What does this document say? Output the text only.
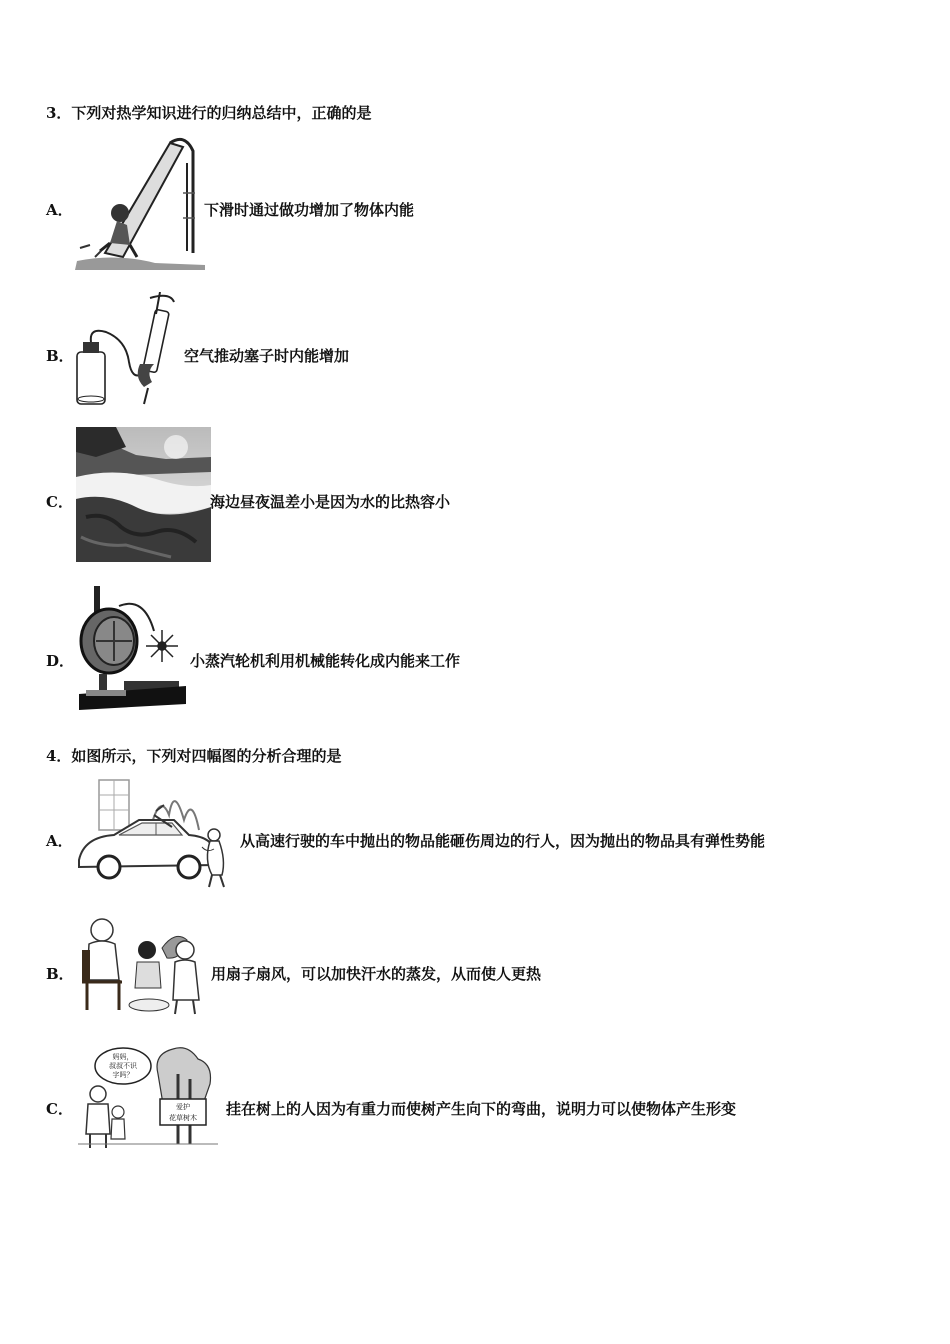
3．下列对热学知识进行的归纳总结中，正确的是
A．	下滑时通过做功增加了物体内能
B．	空气推动塞子时内能增加
C．	海边昼夜温差小是因为水的比热容小
D．	小蒸汽轮机利用机械能转化成内能来工作
4．如图所示，下列对四幅图的分析合理的是
A．	从高速行驶的车中抛出的物品能砸伤周边的行人，因为抛出的物品具有弹性势能
B．	用扇子扇风，可以加快汗水的蒸发，从而使人更热
C．
妈妈，
叔叔不识
字吗？
爱护
花草树木 挂在树上的人因为有重力而使树产生向下的弯曲，说明力可以使物体产生形变
